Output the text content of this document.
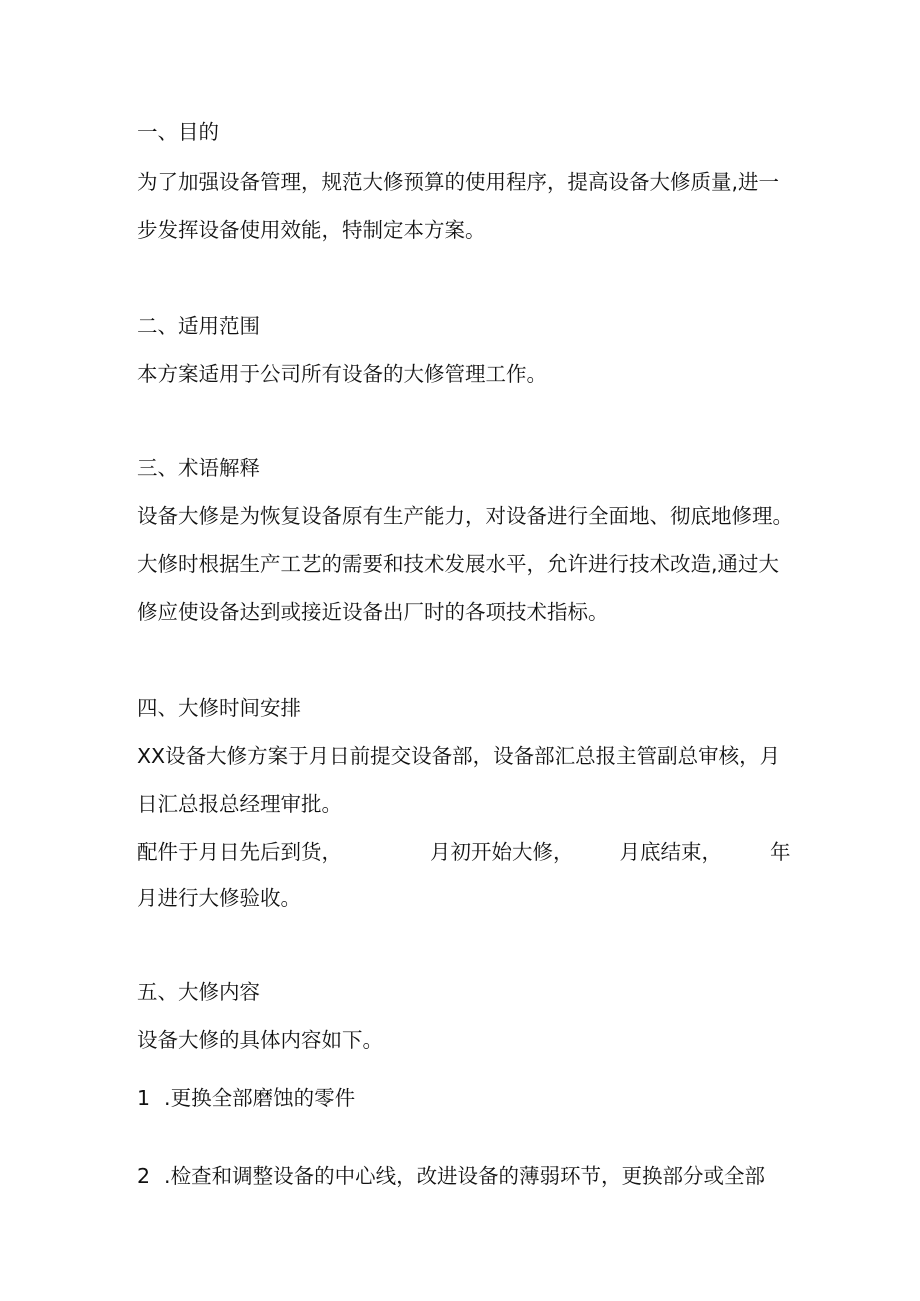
一、目的
为了加强设备管理，规范大修预算的使用程序，提高设备大修质量,进一
步发挥设备使用效能，特制定本方案。
二、适用范围
本方案适用于公司所有设备的大修管理工作。
三、术语解释
设备大修是为恢复设备原有生产能力，对设备进行全面地、彻底地修理。
大修时根据生产工艺的需要和技术发展水平，允许进行技术改造,通过大
修应使设备达到或接近设备出厂时的各项技术指标。
四、大修时间安排
XX设备大修方案于月日前提交设备部，设备部汇总报主管副总审核，月
日汇总报总经理审批。
配件于月日先后到货，	月初开始大修， 月底结束， 年
月进行大修验收。
五、大修内容
设备大修的具体内容如下。
1 .更换全部磨蚀的零件
2 .检查和调整设备的中心线，改进设备的薄弱环节，更换部分或全部
